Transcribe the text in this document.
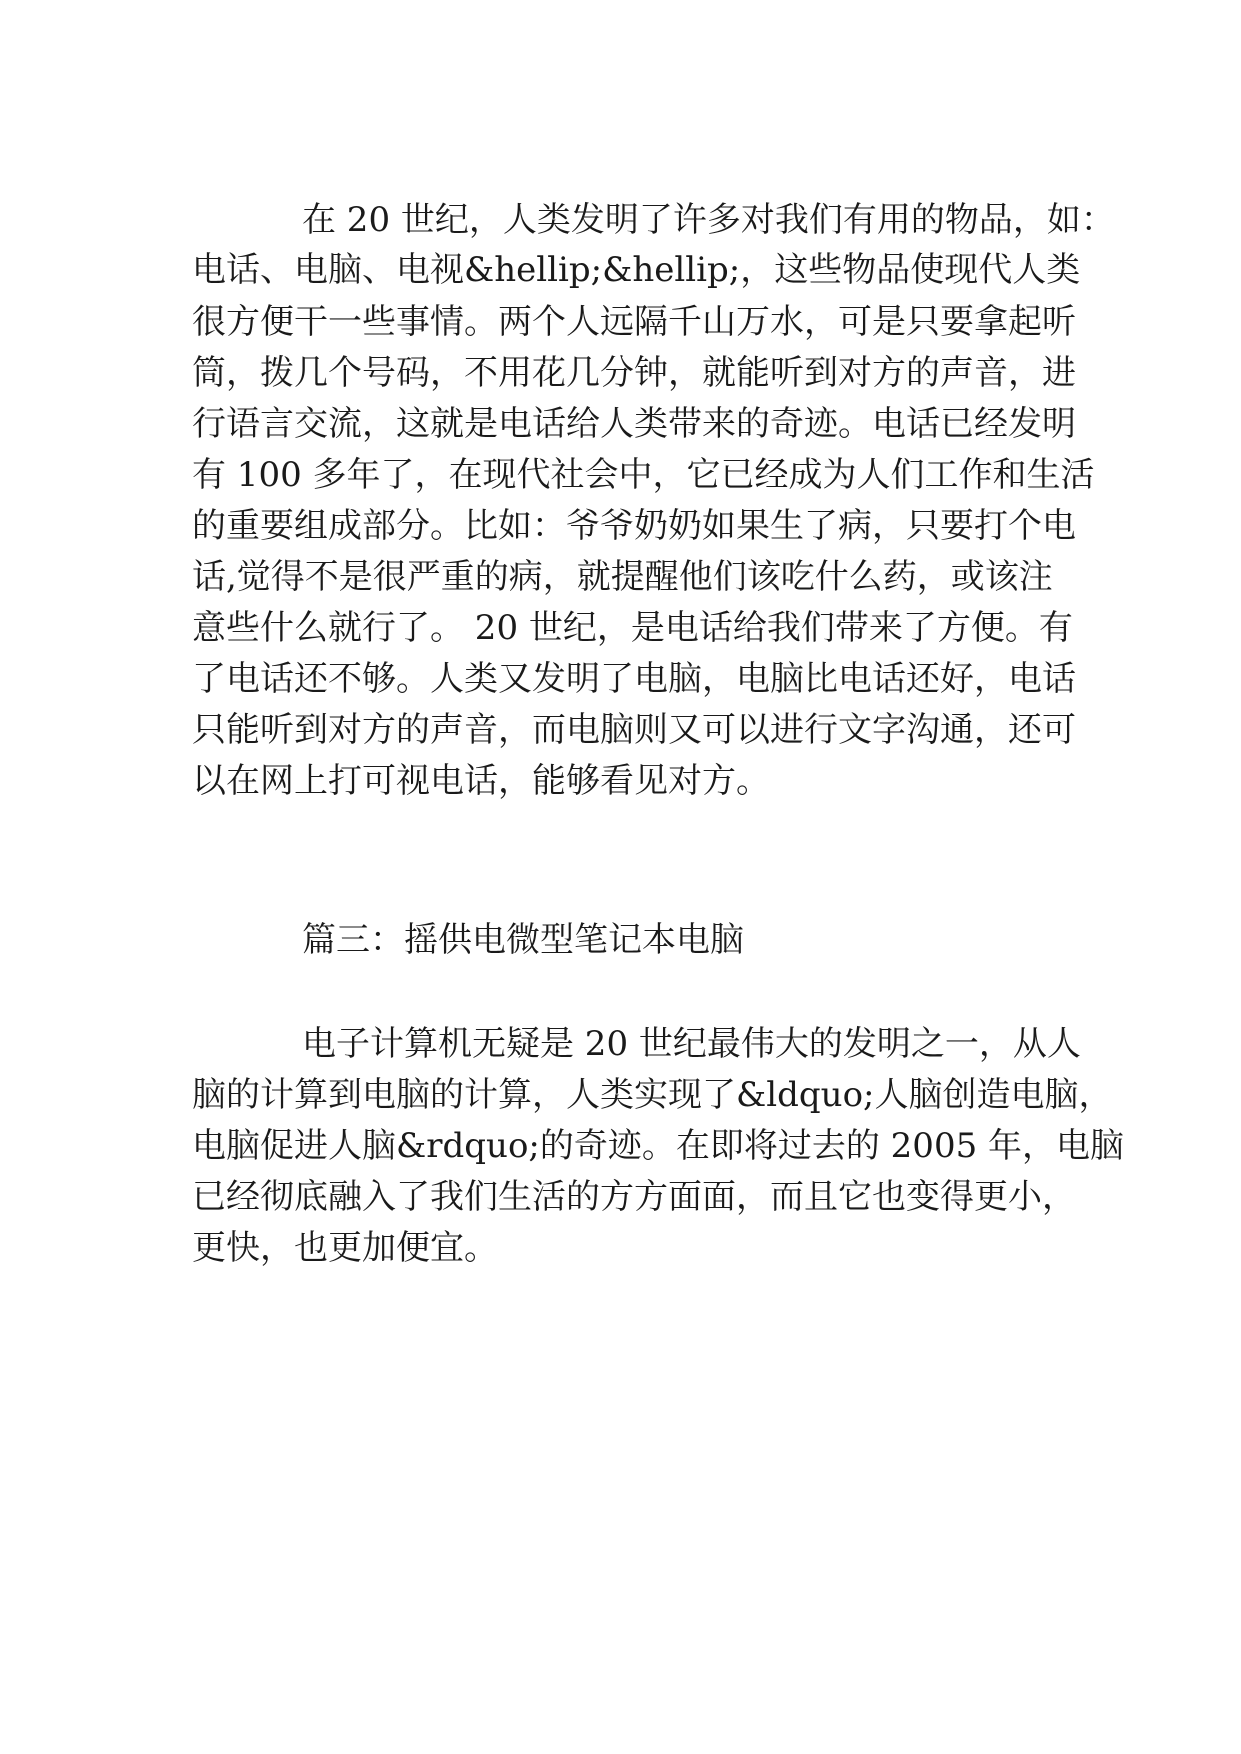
在 20 世纪，人类发明了许多对我们有用的物品，如：
电话、电脑、电视&hellip;&hellip;，这些物品使现代人类
很方便干一些事情。两个人远隔千山万水，可是只要拿起听
筒，拨几个号码，不用花几分钟，就能听到对方的声音，进
行语言交流，这就是电话给人类带来的奇迹。电话已经发明
有 100 多年了，在现代社会中，它已经成为人们工作和生活
的重要组成部分。比如：爷爷奶奶如果生了病，只要打个电
话,觉得不是很严重的病，就提醒他们该吃什么药，或该注
意些什么就行了。 20 世纪，是电话给我们带来了方便。有
了电话还不够。人类又发明了电脑，电脑比电话还好，电话
只能听到对方的声音，而电脑则又可以进行文字沟通，还可
以在网上打可视电话，能够看见对方。
篇三：摇供电微型笔记本电脑
电子计算机无疑是 20 世纪最伟大的发明之一，从人
脑的计算到电脑的计算，人类实现了&ldquo;人脑创造电脑，
电脑促进人脑&rdquo;的奇迹。在即将过去的 2005 年，电脑
已经彻底融入了我们生活的方方面面，而且它也变得更小，
更快，也更加便宜。
